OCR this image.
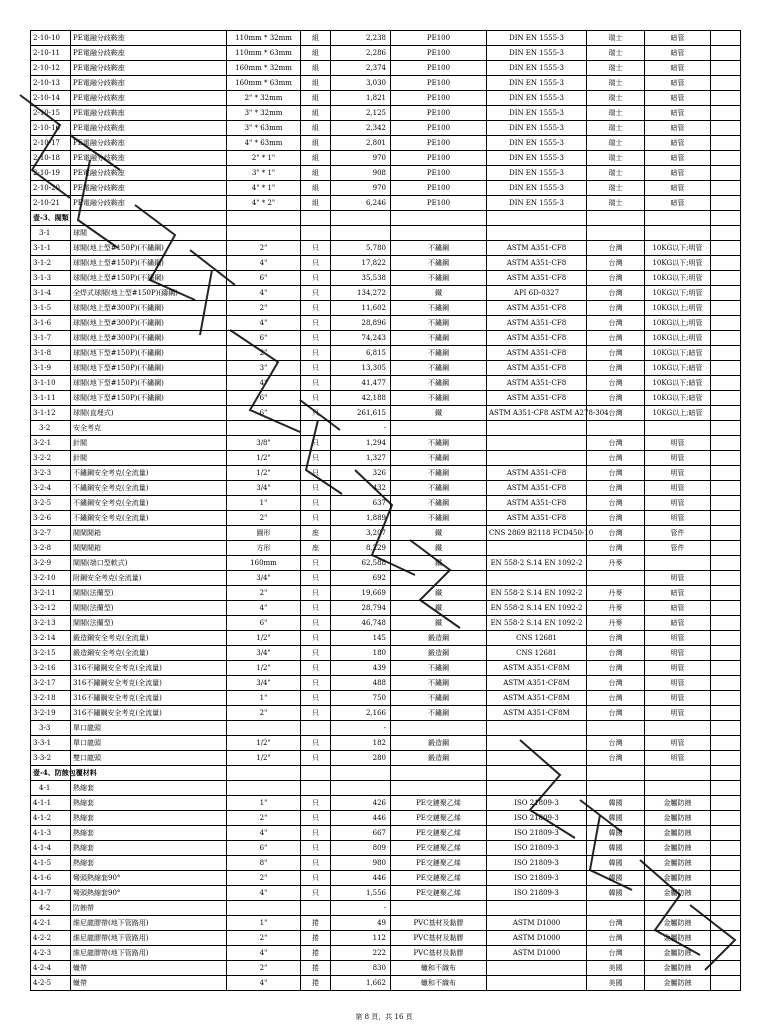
2-10-10	PE電融分歧鞍座	110mm * 32mm	組	2,238	PE100	DIN EN 1555-3	瑞士	暗管	
2-10-11	PE電融分歧鞍座	110mm * 63mm	組	2,286	PE100	DIN EN 1555-3	瑞士	暗管	
2-10-12	PE電融分歧鞍座	160mm * 32mm	組	2,374	PE100	DIN EN 1555-3	瑞士	暗管	
2-10-13	PE電融分歧鞍座	160mm * 63mm	組	3,030	PE100	DIN EN 1555-3	瑞士	暗管	
2-10-14	PE電融分歧鞍座	2" * 32mm	組	1,821	PE100	DIN EN 1555-3	瑞士	暗管	
2-10-15	PE電融分歧鞍座	3" * 32mm	組	2,125	PE100	DIN EN 1555-3	瑞士	暗管	
2-10-16	PE電融分歧鞍座	3" * 63mm	組	2,342	PE100	DIN EN 1555-3	瑞士	暗管	
2-10-17	PE電融分歧鞍座	4" * 63mm	組	2,801	PE100	DIN EN 1555-3	瑞士	暗管	
2-10-18	PE電融分歧鞍座	2" * 1"	組	970	PE100	DIN EN 1555-3	瑞士	暗管	
2-10-19	PE電融分歧鞍座	3" * 1"	組	908	PE100	DIN EN 1555-3	瑞士	暗管	
2-10-20	PE電融分歧鞍座	4" * 1"	組	970	PE100	DIN EN 1555-3	瑞士	暗管	
2-10-21	PE電融分歧鞍座	4" * 2"	組	6,246	PE100	DIN EN 1555-3	瑞士	暗管	
壹-3、閥類									
3-1	球閥								
3-1-1	球閥(地上型#150P)(不鏽鋼)	2"	只	5,780	不鏽鋼	ASTM A351-CF8	台灣	10KG以下;明管	
3-1-2	球閥(地上型#150P)(不鏽鋼)	4"	只	17,822	不鏽鋼	ASTM A351-CF8	台灣	10KG以下;明管	
3-1-3	球閥(地上型#150P)(不鏽鋼)	6"	只	35,538	不鏽鋼	ASTM A351-CF8	台灣	10KG以下;明管	
3-1-4	全焊式球閥(地上型#150P)(鑄鋼)	4"	只	134,272	鐵	API 6D-0327	台灣	10KG以下;明管	
3-1-5	球閥(地上型#300P)(不鏽鋼)	2"	只	11,602	不鏽鋼	ASTM A351-CF8	台灣	10KG以上;明管	
3-1-6	球閥(地上型#300P)(不鏽鋼)	4"	只	28,896	不鏽鋼	ASTM A351-CF8	台灣	10KG以上;明管	
3-1-7	球閥(地上型#300P)(不鏽鋼)	6"	只	74,243	不鏽鋼	ASTM A351-CF8	台灣	10KG以上;明管	
3-1-8	球閥(地下型#150P)(不鏽鋼)	2"	只	6,815	不鏽鋼	ASTM A351-CF8	台灣	10KG以下;暗管	
3-1-9	球閥(地下型#150P)(不鏽鋼)	3"	只	13,305	不鏽鋼	ASTM A351-CF8	台灣	10KG以下;暗管	
3-1-10	球閥(地下型#150P)(不鏽鋼)	4"	只	41,477	不鏽鋼	ASTM A351-CF8	台灣	10KG以下;暗管	
3-1-11	球閥(地下型#150P)(不鏽鋼)	6"	只	42,188	不鏽鋼	ASTM A351-CF8	台灣	10KG以下;暗管	
3-1-12	球閥(直埋式)	6"	只	261,615	鐵	ASTM A351-CF8 ASTM A278-304	台灣	10KG以上;暗管	
3-2	安全考克			-					
3-2-1	針閥	3/8"	只	1,294	不鏽鋼		台灣	明管	
3-2-2	針閥	1/2"	只	1,327	不鏽鋼		台灣	明管	
3-2-3	不鏽鋼安全考克(全流量)	1/2"	只	326	不鏽鋼	ASTM A351-CF8	台灣	明管	
3-2-4	不鏽鋼安全考克(全流量)	3/4"	只	432	不鏽鋼	ASTM A351-CF8	台灣	明管	
3-2-5	不鏽鋼安全考克(全流量)	1"	只	637	不鏽鋼	ASTM A351-CF8	台灣	明管	
3-2-6	不鏽鋼安全考克(全流量)	2"	只	1,889	不鏽鋼	ASTM A351-CF8	台灣	明管	
3-2-7	閥閘閥箱	圓形	座	3,207	鐵	CNS 2869 B2118 FCD450-10	台灣	管件	
3-2-8	閥閘閥箱	方形	座	8,229	鐵		台灣	管件	
3-2-9	閘閥(端口型軟式)	160mm	只	62,588	鐵	EN 558-2 S.14 EN 1092-2	丹麥		
3-2-10	附鋼安全考克(全流量)	3/4"	只	692				明管	
3-2-11	閘閥(法蘭型)	2"	只	19,669	鐵	EN 558-2 S.14 EN 1092-2	丹麥	暗管	
3-2-12	閘閥(法蘭型)	4"	只	28,794	鐵	EN 558-2 S.14 EN 1092-2	丹麥	暗管	
3-2-13	閘閥(法蘭型)	6"	只	46,748	鐵	EN 558-2 S.14 EN 1092-2	丹麥	暗管	
3-2-14	鍛造鋼安全考克(全流量)	1/2"	只	145	鍛造鋼	CNS 12681	台灣	明管	
3-2-15	鍛造鋼安全考克(全流量)	3/4"	只	180	鍛造鋼	CNS 12681	台灣	明管	
3-2-16	316不鏽鋼安全考克(全流量)	1/2"	只	439	不鏽鋼	ASTM A351-CF8M	台灣	明管	
3-2-17	316不鏽鋼安全考克(全流量)	3/4"	只	488	不鏽鋼	ASTM A351-CF8M	台灣	明管	
3-2-18	316不鏽鋼安全考克(全流量)	1"	只	750	不鏽鋼	ASTM A351-CF8M	台灣	明管	
3-2-19	316不鏽鋼安全考克(全流量)	2"	只	2,166	不鏽鋼	ASTM A351-CF8M	台灣	明管	
3-3	單口龍頭			-					
3-3-1	單口龍頭	1/2"	只	182	鍛造鋼		台灣	明管	
3-3-2	雙口龍頭	1/2"	只	280	鍛造鋼		台灣	明管	
壹-4、防蝕包覆材料									
4-1	熱縮套								
4-1-1	熱縮套	1"	只	426	PE交鏈聚乙烯	ISO 21809-3	韓國	金屬防蝕	
4-1-2	熱縮套	2"	只	446	PE交鏈聚乙烯	ISO 21809-3	韓國	金屬防蝕	
4-1-3	熱縮套	4"	只	667	PE交鏈聚乙烯	ISO 21809-3	韓國	金屬防蝕	
4-1-4	熱縮套	6"	只	809	PE交鏈聚乙烯	ISO 21809-3	韓國	金屬防蝕	
4-1-5	熱縮套	8"	只	980	PE交鏈聚乙烯	ISO 21809-3	韓國	金屬防蝕	
4-1-6	彎頭熱縮套90°	2"	只	446	PE交鏈聚乙烯	ISO 21809-3	韓國	金屬防蝕	
4-1-7	彎頭熱縮套90°	4"	只	1,556	PE交鏈聚乙烯	ISO 21809-3	韓國	金屬防蝕	
4-2	防蝕帶			-					
4-2-1	維尼龍膠帶(地下管路用)	1"	捲	49	PVC基材及黏膠	ASTM D1000	台灣	金屬防蝕	
4-2-2	維尼龍膠帶(地下管路用)	2"	捲	112	PVC基材及黏膠	ASTM D1000	台灣	金屬防蝕	
4-2-3	維尼龍膠帶(地下管路用)	4"	捲	222	PVC基材及黏膠	ASTM D1000	台灣	金屬防蝕	
4-2-4	蠟帶	2"	捲	830	蠟和不織布		美國	金屬防蝕	
4-2-5	蠟帶	4"	捲	1,662	蠟和不織布		美國	金屬防蝕	
第 8 頁，共 16 頁
